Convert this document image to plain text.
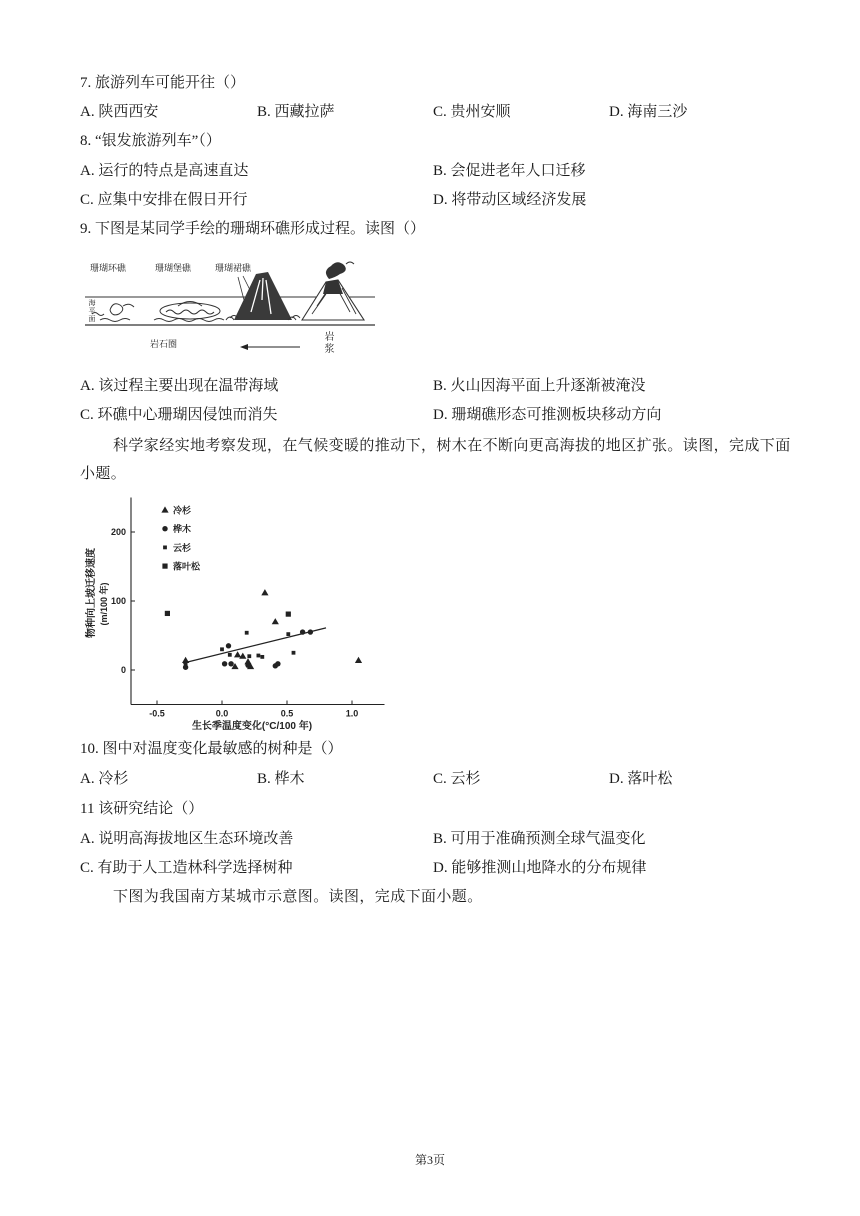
7. 旅游列车可能开往（）
A. 陕西西安	B. 西藏拉萨	C. 贵州安顺	D. 海南三沙
8. “银发旅游列车”（）
A. 运行的特点是高速直达	B. 会促进老年人口迁移
C. 应集中安排在假日开行	D. 将带动区域经济发展
9. 下图是某同学手绘的珊瑚环礁形成过程。读图（）
珊瑚环礁	珊瑚堡礁	珊瑚裙礁
海平面
岩石圈	岩浆
A. 该过程主要出现在温带海域	B. 火山因海平面上升逐渐被淹没
C. 环礁中心珊瑚因侵蚀而消失	D. 珊瑚礁形态可推测板块移动方向
科学家经实地考察发现，在气候变暖的推动下，树木在不断向更高海拔的地区扩张。读图，完成下面
小题。
生长季温度变化(°C/100 年)
物种向上坡迁移速度 (m/100 年)
0
100
200
-0.5	0.0	0.5	1.0
冷杉
桦木
云杉
落叶松
10. 图中对温度变化最敏感的树种是（）
A. 冷杉	B. 桦木	C. 云杉	D. 落叶松
11 该研究结论（）
A. 说明高海拔地区生态环境改善	B. 可用于准确预测全球气温变化
C. 有助于人工造林科学选择树种	D. 能够推测山地降水的分布规律
下图为我国南方某城市示意图。读图，完成下面小题。
第3页
